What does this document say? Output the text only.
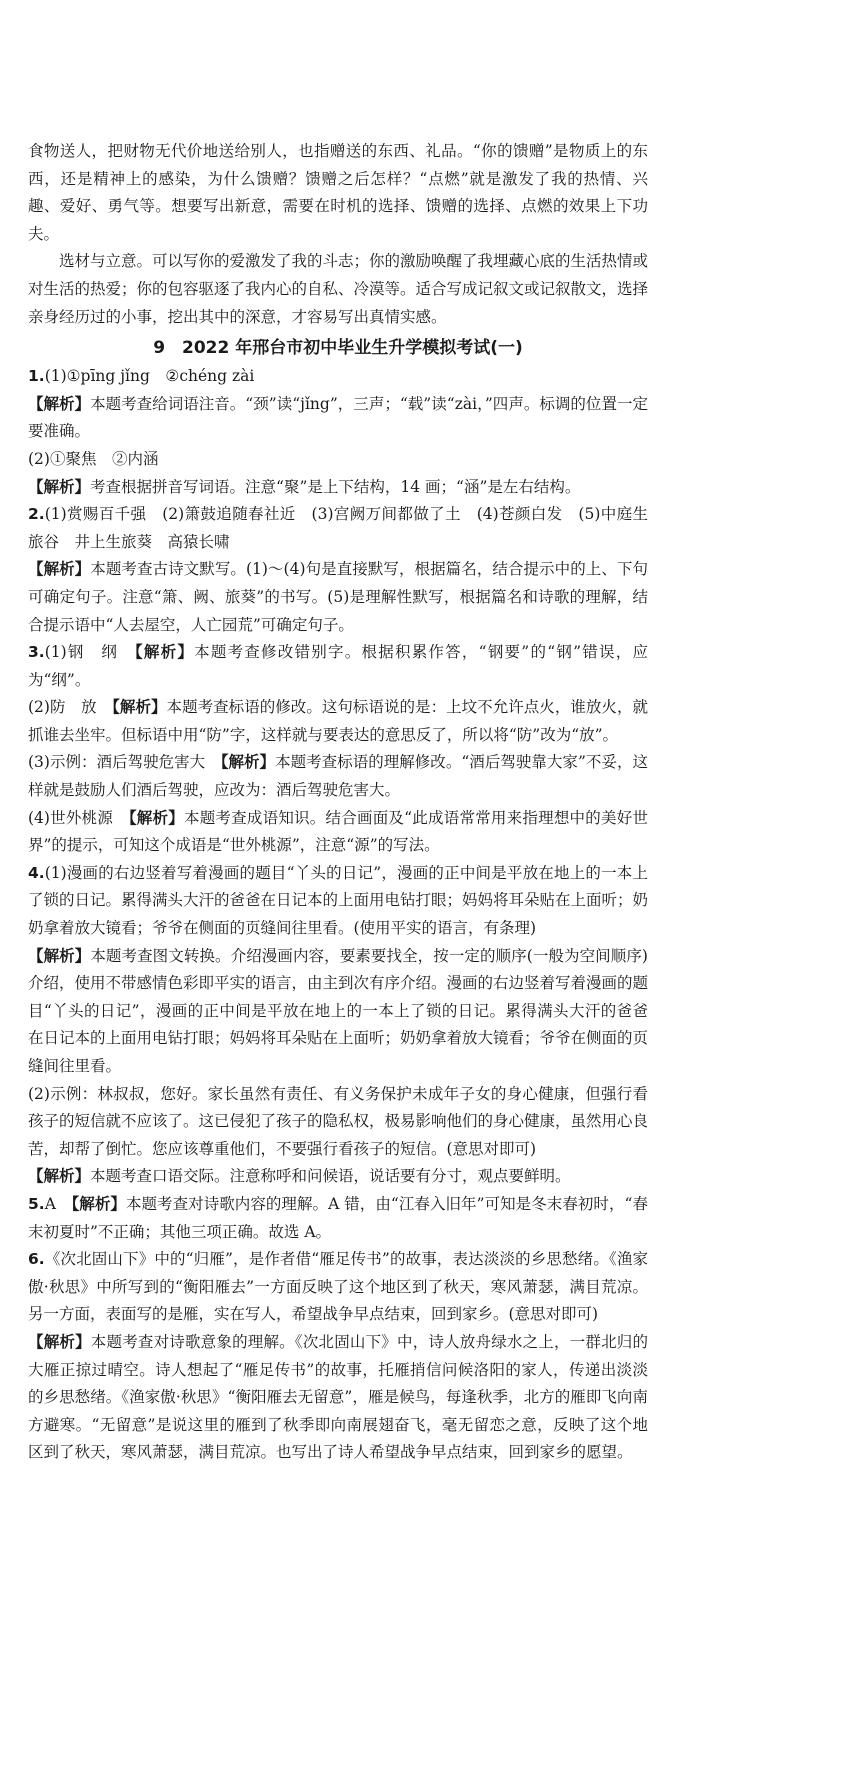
食物送人，把财物无代价地送给别人，也指赠送的东西、礼品。“你的馈赠”是物质上的东西，还是精神上的感染，为什么馈赠？馈赠之后怎样？“点燃”就是激发了我的热情、兴趣、爱好、勇气等。想要写出新意，需要在时机的选择、馈赠的选择、点燃的效果上下功夫。

选材与立意。可以写你的爱激发了我的斗志；你的激励唤醒了我埋藏心底的生活热情或对生活的热爱；你的包容驱逐了我内心的自私、冷漠等。适合写成记叙文或记叙散文，选择亲身经历过的小事，挖出其中的深意，才容易写出真情实感。

9　2022 年邢台市初中毕业生升学模拟考试(一)

1.(1)①pīng jǐng　②chéng zài

【解析】本题考查给词语注音。“颈”读“jǐng”，三声；“载”读“zài，”四声。标调的位置一定要准确。

(2)①聚焦　②内涵

【解析】考查根据拼音写词语。注意“聚”是上下结构，14 画；“涵”是左右结构。

2.(1)赏赐百千强　(2)箫鼓追随春社近　(3)宫阙万间都做了土　(4)苍颜白发　(5)中庭生旅谷　井上生旅葵　高猿长啸

【解析】本题考查古诗文默写。(1)～(4)句是直接默写，根据篇名，结合提示中的上、下句可确定句子。注意“箫、阙、旅葵”的书写。(5)是理解性默写，根据篇名和诗歌的理解，结合提示语中“人去屋空，人亡园荒”可确定句子。

3.(1)钢　纲　 【解析】本题考查修改错别字。根据积累作答，“钢要”的“钢”错误，应为“纲”。

(2)防　放　 【解析】本题考查标语的修改。这句标语说的是：上坟不允许点火，谁放火，就抓谁去坐牢。但标语中用“防”字，这样就与要表达的意思反了，所以将“防”改为“放”。

(3)示例：酒后驾驶危害大　 【解析】本题考查标语的理解修改。“酒后驾驶靠大家”不妥，这样就是鼓励人们酒后驾驶，应改为：酒后驾驶危害大。

(4)世外桃源　 【解析】本题考查成语知识。结合画面及“此成语常常用来指理想中的美好世界”的提示，可知这个成语是“世外桃源”，注意“源”的写法。

4.(1)漫画的右边竖着写着漫画的题目“丫头的日记”，漫画的正中间是平放在地上的一本上了锁的日记。累得满头大汗的爸爸在日记本的上面用电钻打眼；妈妈将耳朵贴在上面听；奶奶拿着放大镜看；爷爷在侧面的页缝间往里看。(使用平实的语言，有条理)

【解析】本题考查图文转换。介绍漫画内容，要素要找全，按一定的顺序(一般为空间顺序)介绍，使用不带感情色彩即平实的语言，由主到次有序介绍。漫画的右边竖着写着漫画的题目“丫头的日记”，漫画的正中间是平放在地上的一本上了锁的日记。累得满头大汗的爸爸在日记本的上面用电钻打眼；妈妈将耳朵贴在上面听；奶奶拿着放大镜看；爷爷在侧面的页缝间往里看。

(2)示例：林叔叔，您好。家长虽然有责任、有义务保护未成年子女的身心健康，但强行看孩子的短信就不应该了。这已侵犯了孩子的隐私权，极易影响他们的身心健康，虽然用心良苦，却帮了倒忙。您应该尊重他们，不要强行看孩子的短信。(意思对即可)

【解析】本题考查口语交际。注意称呼和问候语，说话要有分寸，观点要鲜明。

5.A　 【解析】本题考查对诗歌内容的理解。A 错，由“江春入旧年”可知是冬末春初时，“春末初夏时”不正确；其他三项正确。故选 A。

6.《次北固山下》中的“归雁”，是作者借“雁足传书”的故事，表达淡淡的乡思愁绪。《渔家傲·秋思》中所写到的“衡阳雁去”一方面反映了这个地区到了秋天，寒风萧瑟，满目荒凉。另一方面，表面写的是雁，实在写人，希望战争早点结束，回到家乡。(意思对即可)

【解析】本题考查对诗歌意象的理解。《次北固山下》中，诗人放舟绿水之上，一群北归的大雁正掠过晴空。诗人想起了“雁足传书”的故事，托雁捎信问候洛阳的家人，传递出淡淡的乡思愁绪。《渔家傲·秋思》“衡阳雁去无留意”，雁是候鸟，每逢秋季，北方的雁即飞向南方避寒。“无留意”是说这里的雁到了秋季即向南展翅奋飞，毫无留恋之意，反映了这个地区到了秋天，寒风萧瑟，满目荒凉。也写出了诗人希望战争早点结束，回到家乡的愿望。
